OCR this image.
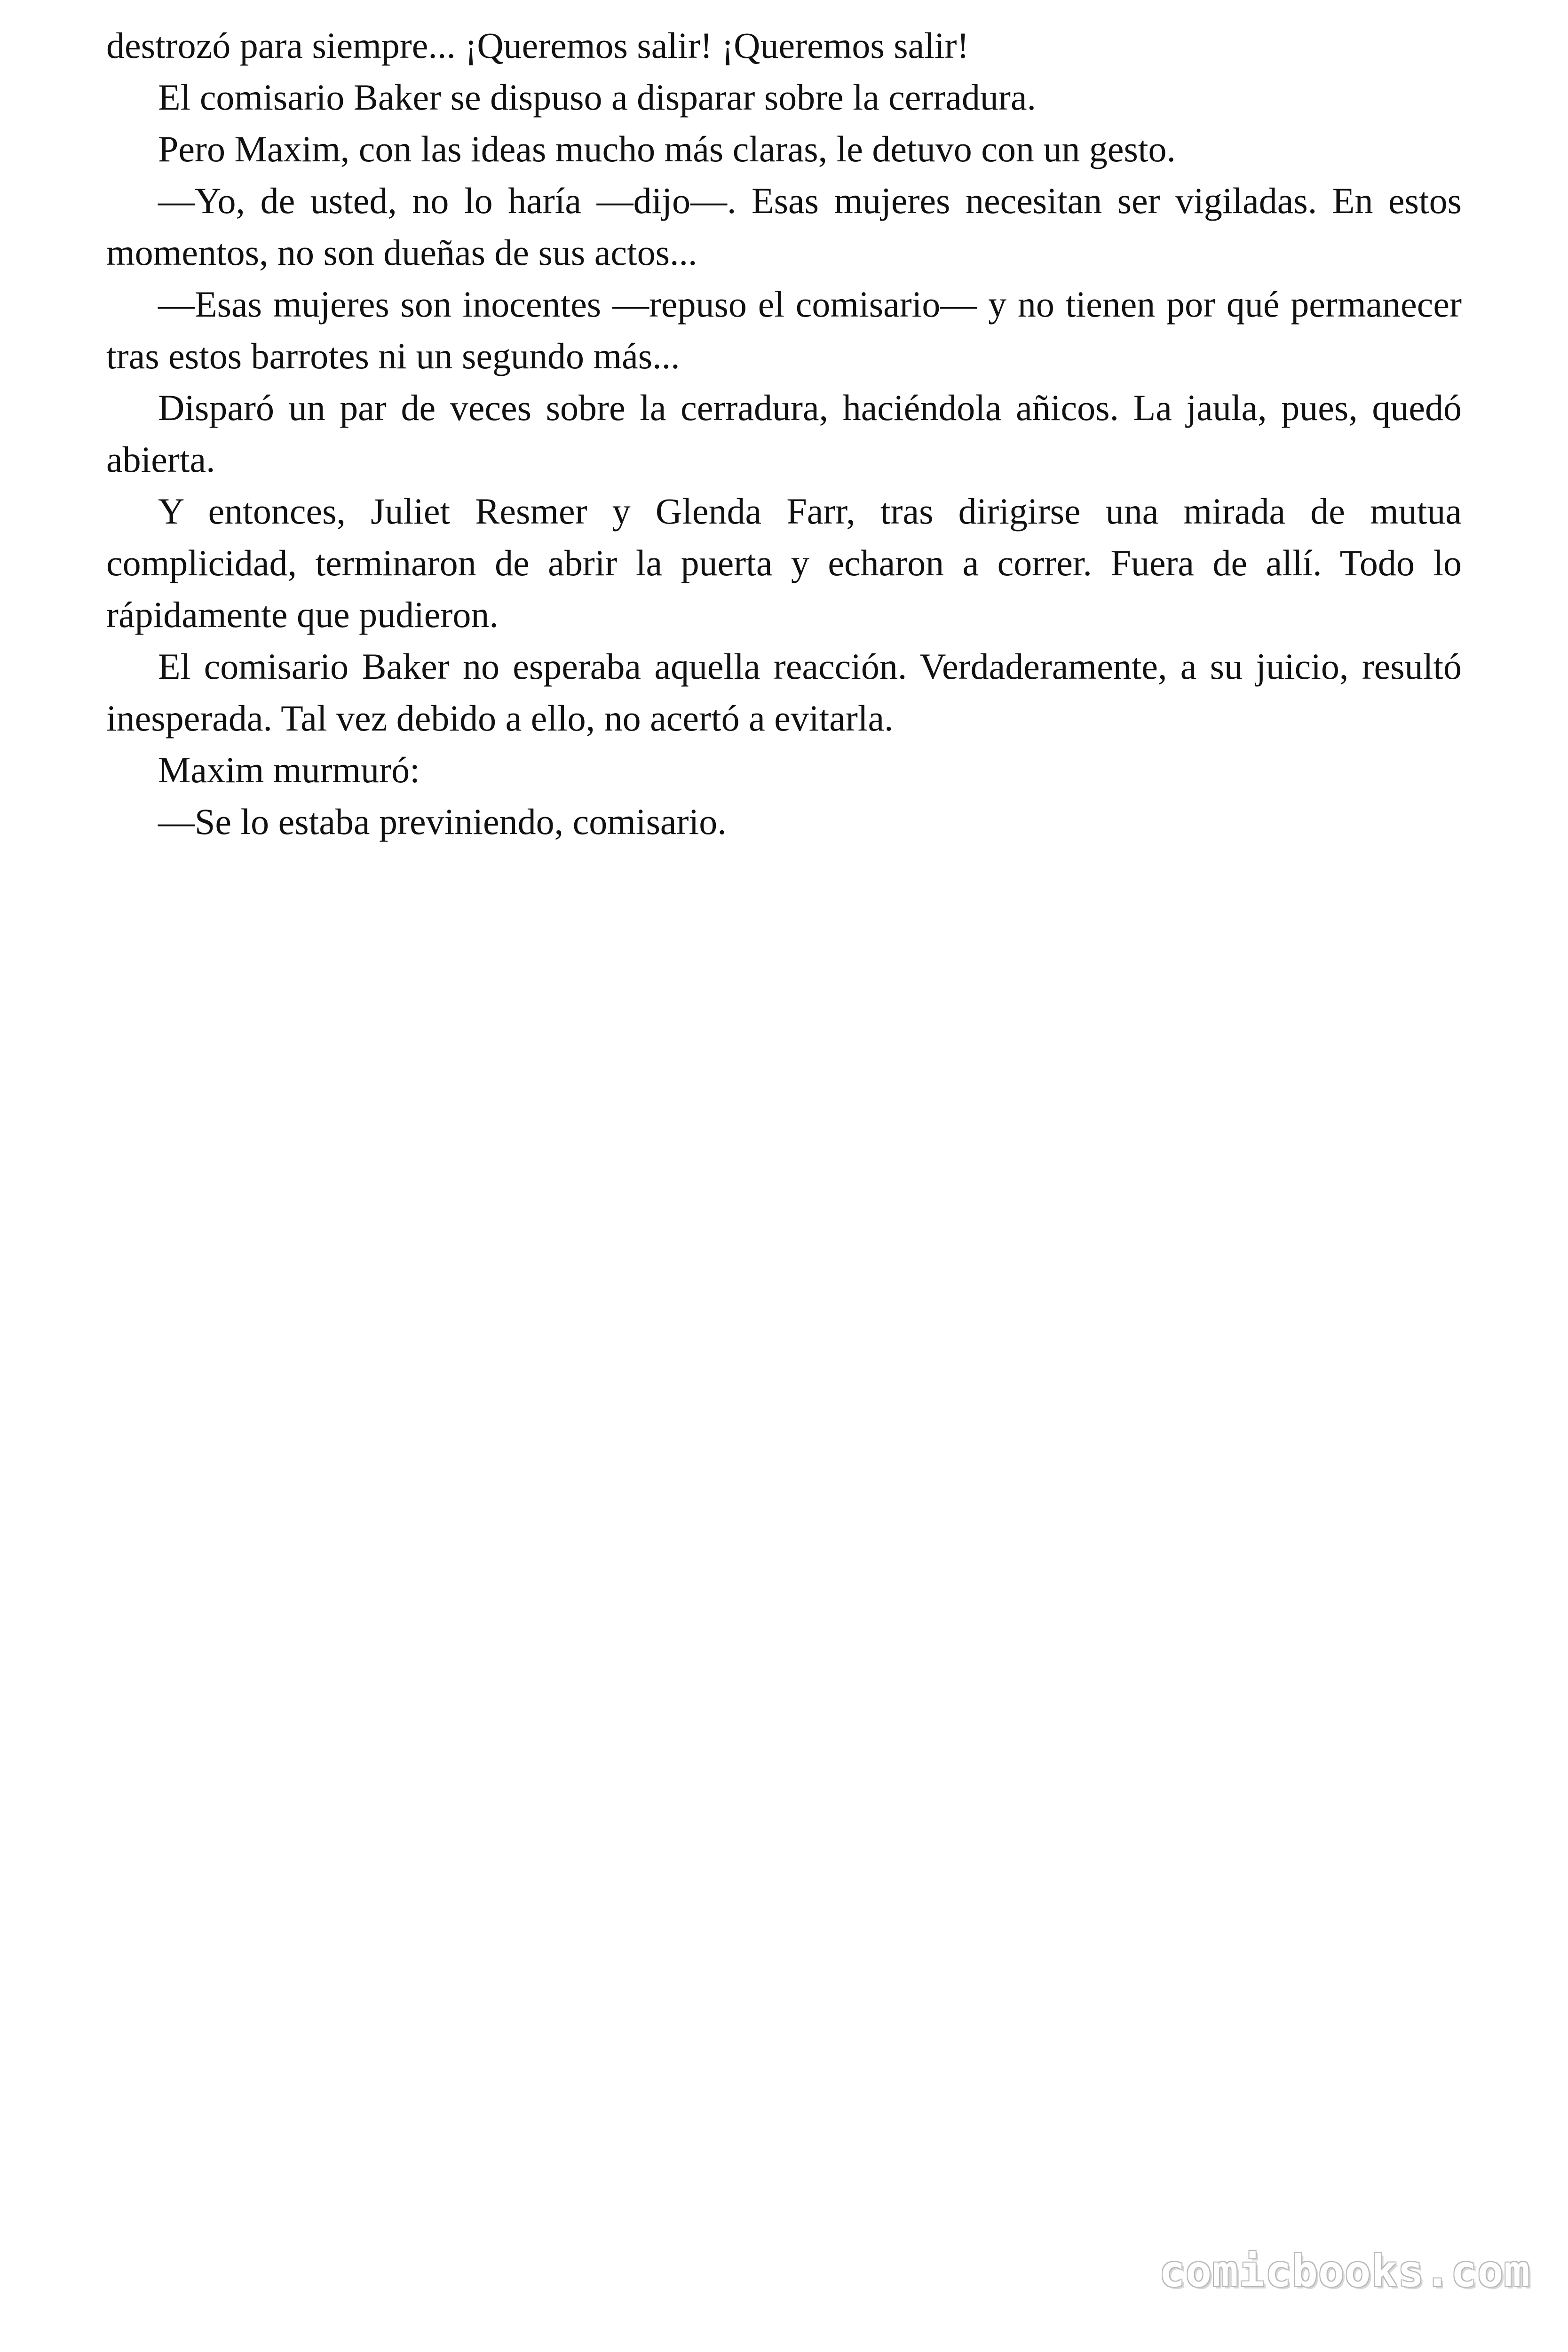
destrozó para siempre... ¡Queremos salir! ¡Queremos salir!

El comisario Baker se dispuso a disparar sobre la cerradura.

Pero Maxim, con las ideas mucho más claras, le detuvo con un gesto.

—Yo, de usted, no lo haría —dijo—. Esas mujeres necesitan ser vigiladas. En estos momentos, no son dueñas de sus actos...

—Esas mujeres son inocentes —repuso el comisario— y no tienen por qué permanecer tras estos barrotes ni un segundo más...

Disparó un par de veces sobre la cerradura, haciéndola añicos. La jaula, pues, quedó abierta.

Y entonces, Juliet Resmer y Glenda Farr, tras dirigirse una mirada de mutua complicidad, terminaron de abrir la puerta y echaron a correr. Fuera de allí. Todo lo rápidamente que pudieron.

El comisario Baker no esperaba aquella reacción. Verdaderamente, a su juicio, resultó inesperada. Tal vez debido a ello, no acertó a evitarla.

Maxim murmuró:

—Se lo estaba previniendo, comisario.

comicbooks.com
